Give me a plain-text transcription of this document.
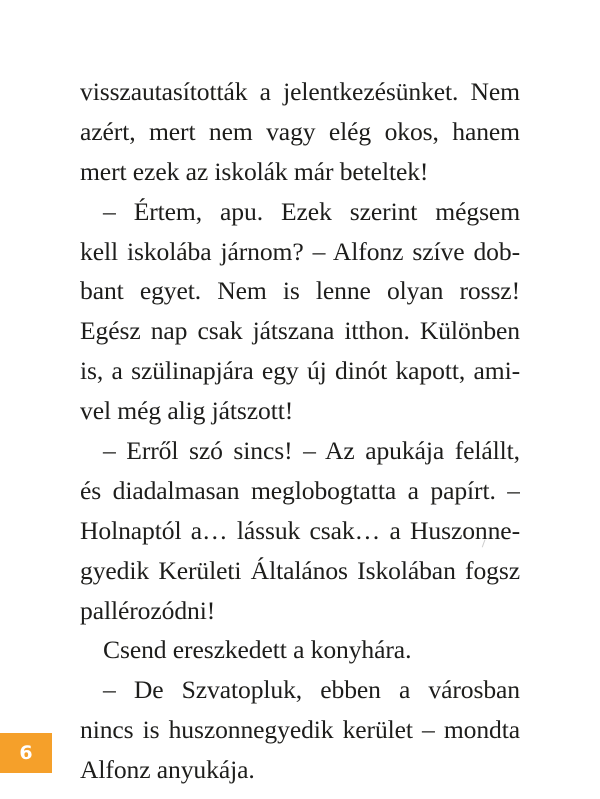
visszautasították a jelentkezésünket. Nem
azért, mert nem vagy elég okos, hanem
mert ezek az iskolák már beteltek!
– Értem, apu. Ezek szerint mégsem
kell iskolába járnom? – Alfonz szíve dob-
bant egyet. Nem is lenne olyan rossz!
Egész nap csak játszana itthon. Különben
is, a szülinapjára egy új dinót kapott, ami-
vel még alig játszott!
– Erről szó sincs! – Az apukája felállt,
és diadalmasan meglobogtatta a papírt. –
Holnaptól a… lássuk csak… a Huszonne-
gyedik Kerületi Általános Iskolában fogsz
pallérozódni!
Csend ereszkedett a konyhára.
– De Szvatopluk, ebben a városban
nincs is huszonnegyedik kerület – mondta
Alfonz anyukája.
6
